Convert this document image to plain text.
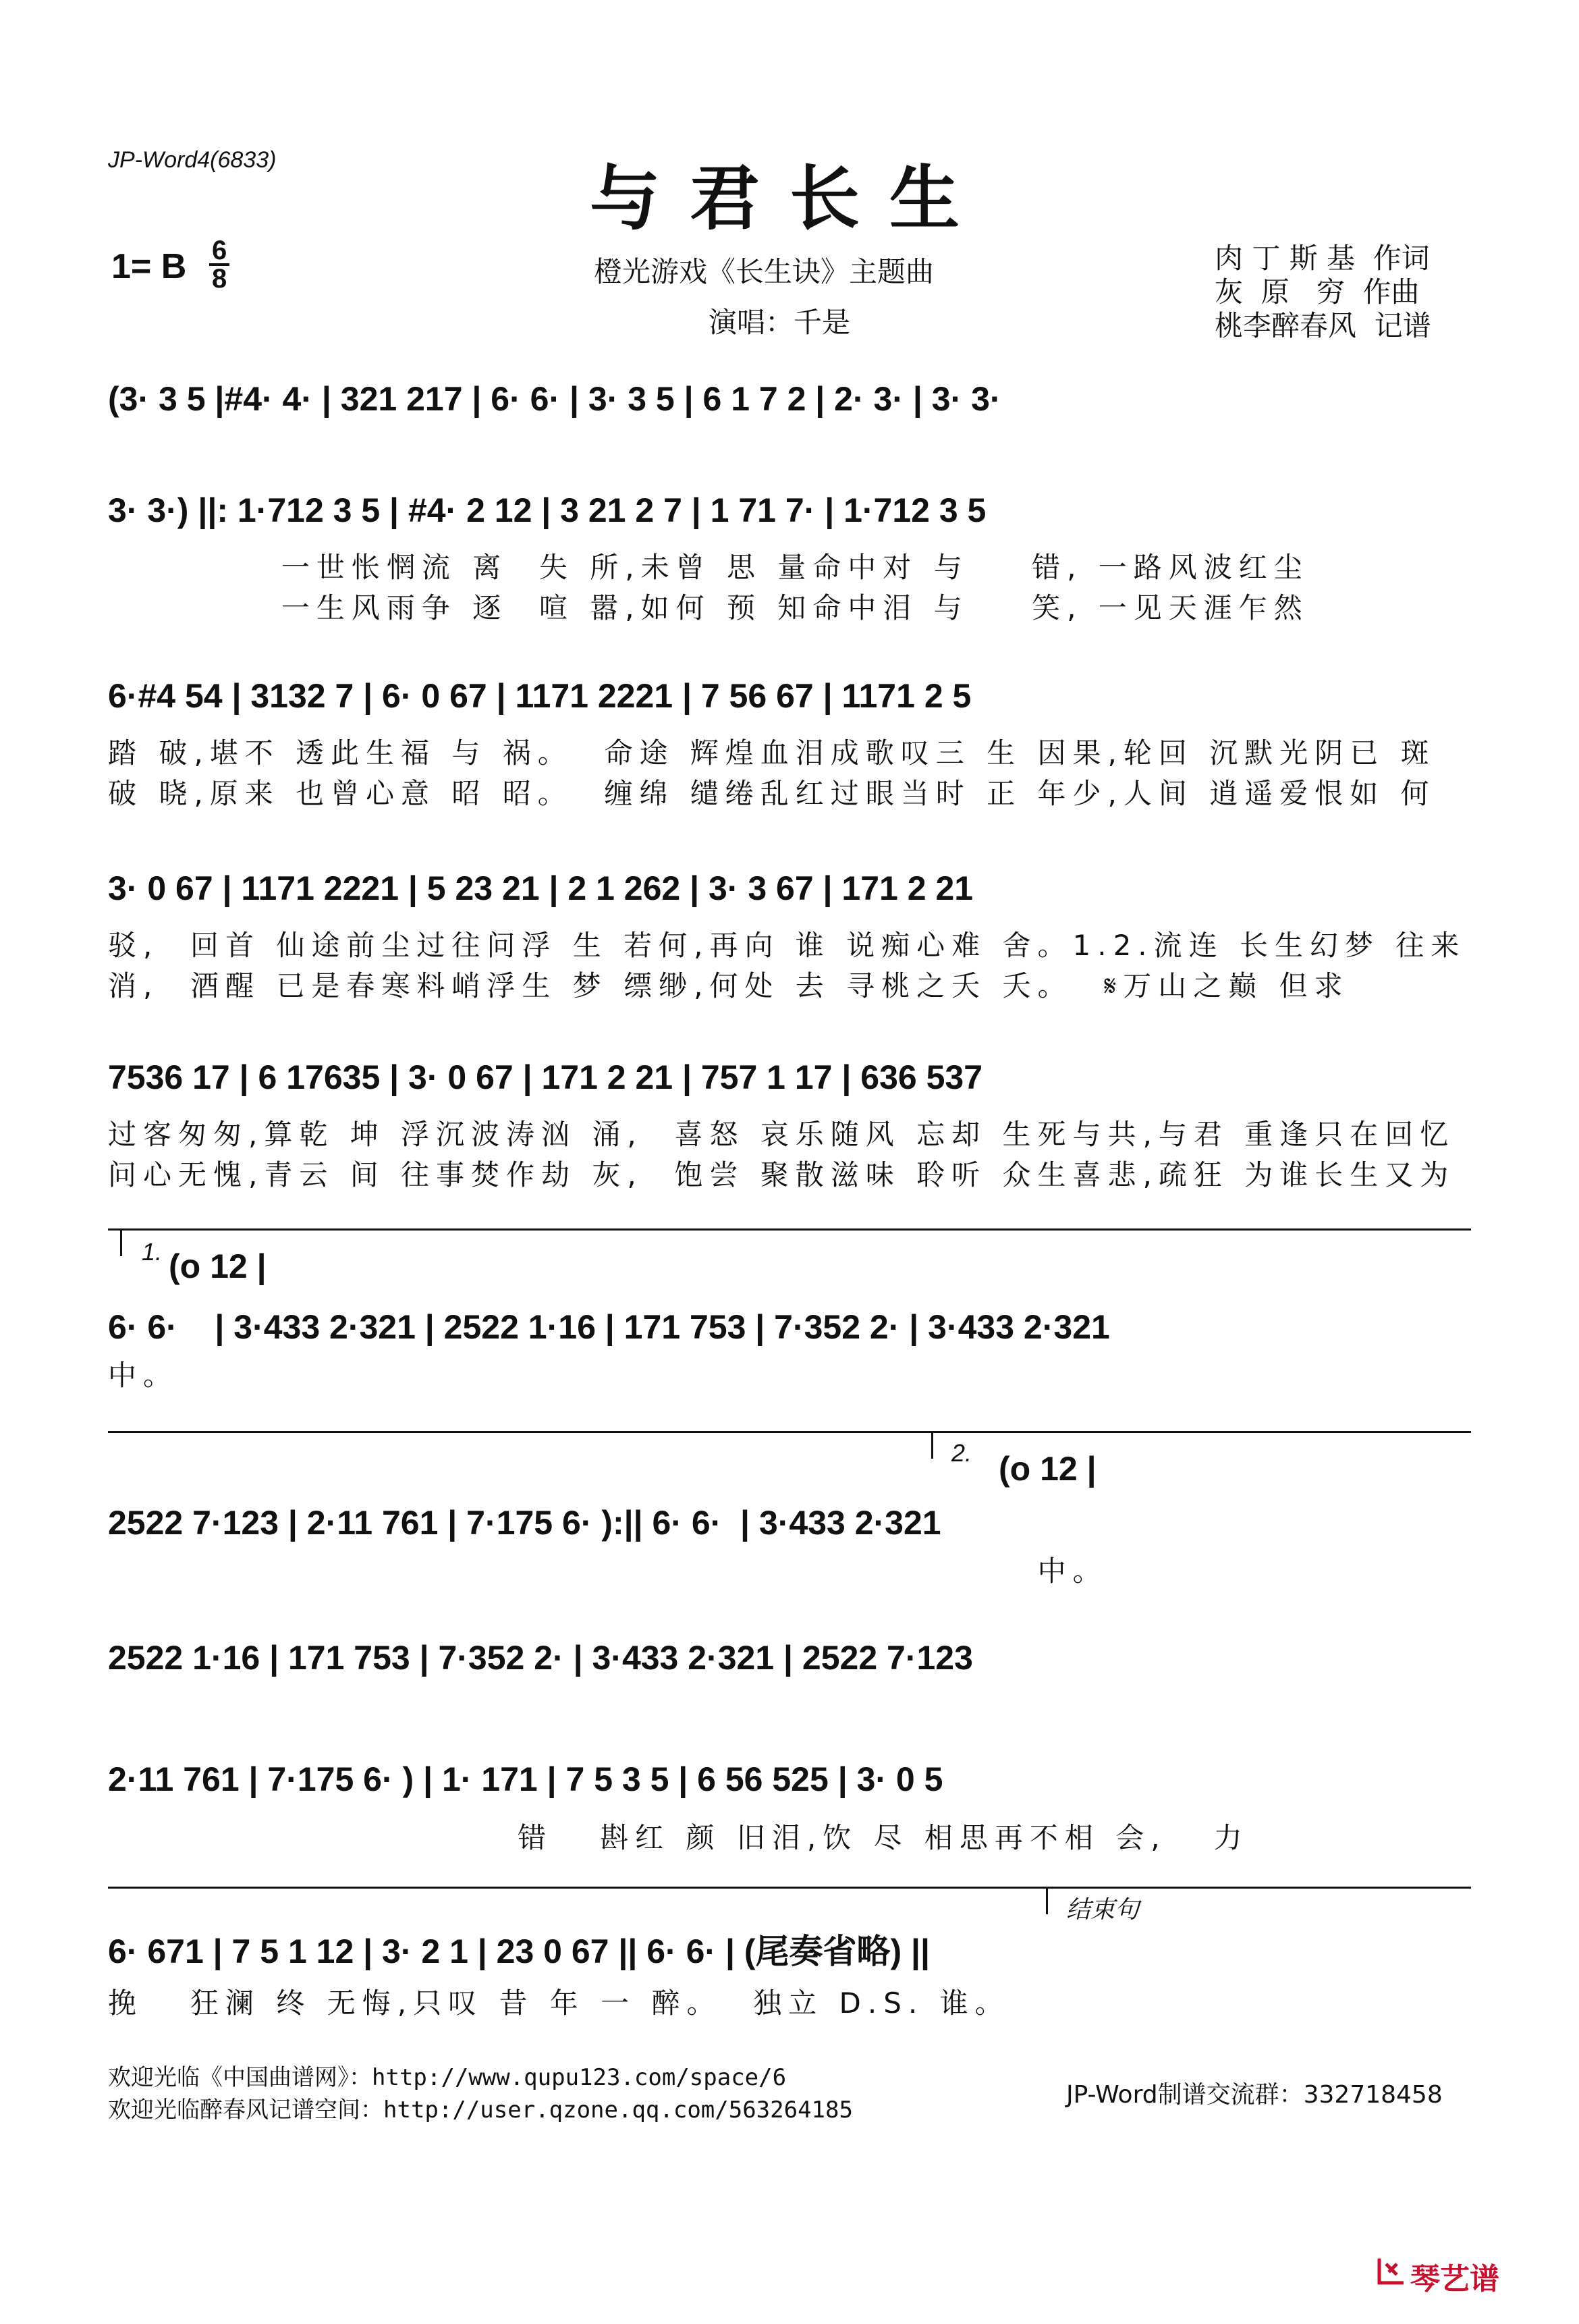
JP-Word4(6833)	与君长生
1= B $\frac{6}{8}$	橙光游戏《长生诀》主题曲
演唱：千是
肉 丁 斯 基  作词
灰  原   穷  作曲
桃李醉春风  记谱
(3· 3 5 |#4· 4· | 321 217 | 6· 6· | 3· 3 5 | 6 1 7 2 | 2· 3· | 3· 3·
3· 3·) ||: 1·712 3 5 | #4· 2 12 | 3 21 2 7 | 1 71 7· | 1·712 3 5
一世怅惘流 离  失 所,未曾 思 量命中对 与    错, 一路风波红尘
一生风雨争 逐  喧 嚣,如何 预 知命中泪 与    笑, 一见天涯乍然
6·#4 54 | 3132 7 | 6· 0 67 | 1171 2221 | 7 56 67 | 1171 2 5
踏 破,堪不 透此生福 与 祸。  命途 辉煌血泪成歌叹三 生 因果,轮回 沉默光阴已 斑
破 晓,原来 也曾心意 昭 昭。  缠绵 缱绻乱红过眼当时 正 年少,人间 逍遥爱恨如 何
3· 0 67 | 1171 2221 | 5 23 21 | 2 1 262 | 3· 3 67 | 171 2 21
驳,  回首 仙途前尘过往问浮 生 若何,再向 谁 说痴心难 舍。1.2.流连 长生幻梦 往来
消,  酒醒 已是春寒料峭浮生 梦 缥缈,何处 去 寻桃之夭 夭。  𝄋万山之巅 但求
7536 17 | 6 17635 | 3· 0 67 | 171 2 21 | 757 1 17 | 636 537
过客匆匆,算乾 坤 浮沉波涛汹 涌,  喜怒 哀乐随风 忘却 生死与共,与君 重逢只在回忆
问心无愧,青云 间 往事焚作劫 灰,  饱尝 聚散滋味 聆听 众生喜悲,疏狂 为谁长生又为
1. (o 12 |
6· 6·    | 3·433 2·321 | 2522 1·16 | 171 753 | 7·352 2· | 3·433 2·321
中。
2. (o 12 |
2522 7·123 | 2·11 761 | 7·175 6· ):|| 6· 6·  | 3·433 2·321
中。
2522 1·16 | 171 753 | 7·352 2· | 3·433 2·321 | 2522 7·123
2·11 761 | 7·175 6· ) | 1· 171 | 7 5 3 5 | 6 56 525 | 3· 0 5
错   斟红 颜 旧泪,饮 尽 相思再不相 会,   力
结束句
6· 671 | 7 5 1 12 | 3· 2 1 | 23 0 67 || 6· 6· | (尾奏省略) ||
挽   狂澜 终 无悔,只叹 昔 年 一 醉。  独立 D.S. 谁。
欢迎光临《中国曲谱网》：http://www.qupu123.com/space/6
欢迎光临醉春风记谱空间：http://user.qzone.qq.com/563264185
JP-Word制谱交流群：332718458
琴艺谱
